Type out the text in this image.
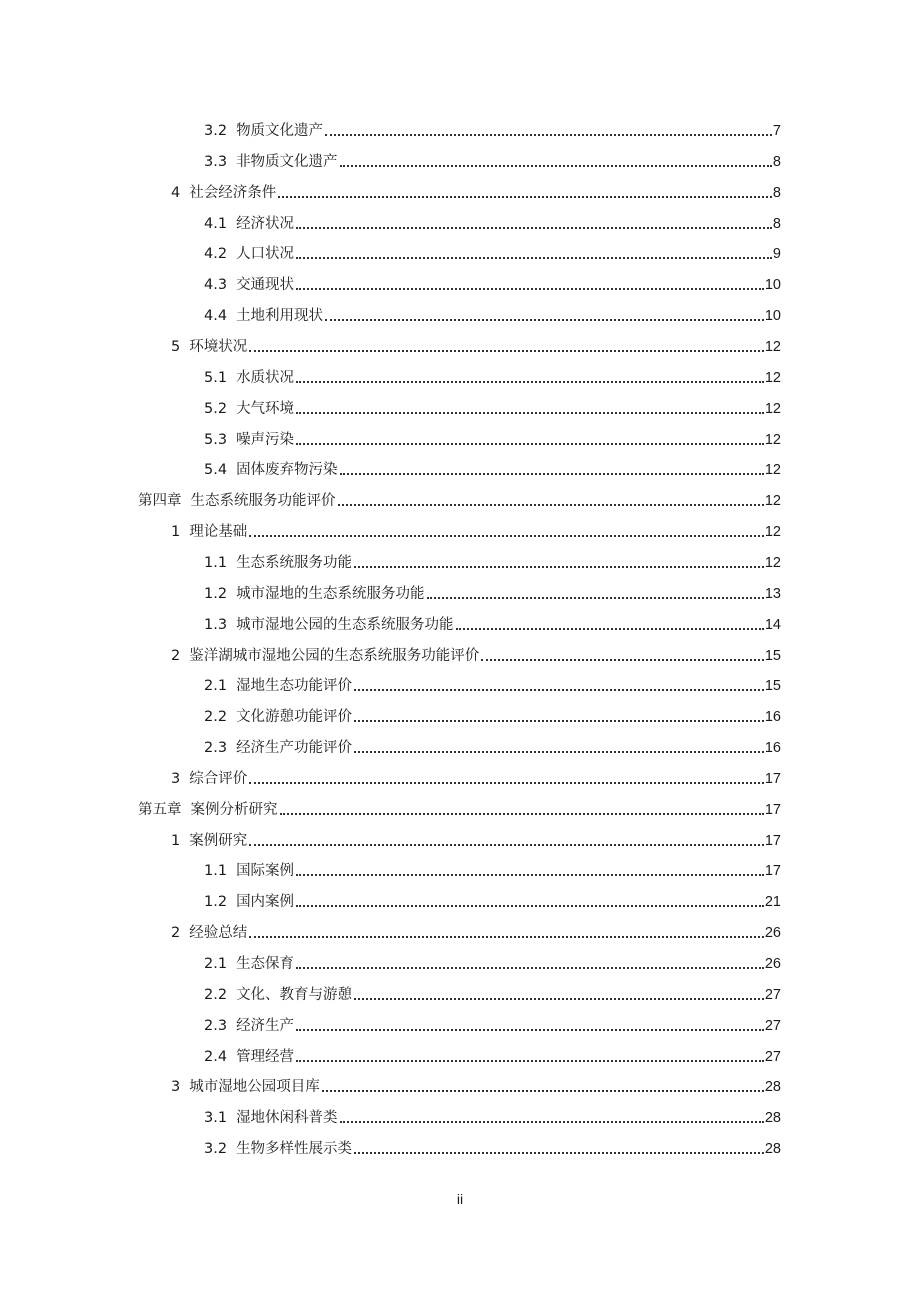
3.2 物质文化遗产	7
3.3 非物质文化遗产	8
4 社会经济条件	8
4.1 经济状况	8
4.2 人口状况	9
4.3 交通现状	10
4.4 土地利用现状	10
5 环境状况	12
5.1 水质状况	12
5.2 大气环境	12
5.3 噪声污染	12
5.4 固体废弃物污染	12
第四章 生态系统服务功能评价	12
1 理论基础	12
1.1 生态系统服务功能	12
1.2 城市湿地的生态系统服务功能	13
1.3 城市湿地公园的生态系统服务功能	14
2 鉴洋湖城市湿地公园的生态系统服务功能评价	15
2.1 湿地生态功能评价	15
2.2 文化游憩功能评价	16
2.3 经济生产功能评价	16
3 综合评价	17
第五章 案例分析研究	17
1 案例研究	17
1.1 国际案例	17
1.2 国内案例	21
2 经验总结	26
2.1 生态保育	26
2.2 文化、教育与游憩	27
2.3 经济生产	27
2.4 管理经营	27
3 城市湿地公园项目库	28
3.1 湿地休闲科普类	28
3.2 生物多样性展示类	28
ii
